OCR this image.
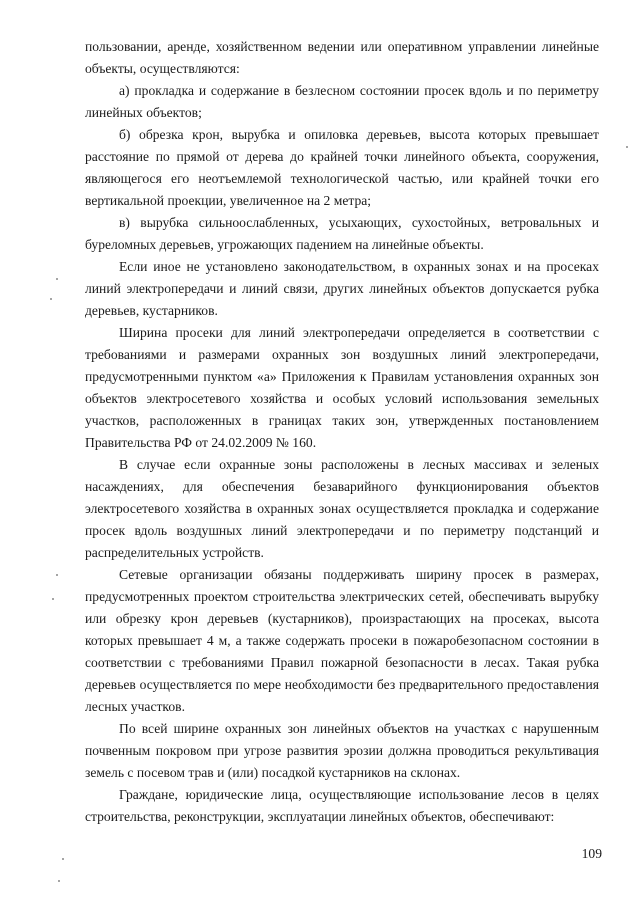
пользовании, аренде, хозяйственном ведении или оперативном управлении линейные объекты, осуществляются:

а) прокладка и содержание в безлесном состоянии просек вдоль и по периметру линейных объектов;

б) обрезка крон, вырубка и опиловка деревьев, высота которых превышает расстояние по прямой от дерева до крайней точки линейного объекта, сооружения, являющегося его неотъемлемой технологической частью, или крайней точки его вертикальной проекции, увеличенное на 2 метра;

в) вырубка сильноослабленных, усыхающих, сухостойных, ветровальных и буреломных деревьев, угрожающих падением на линейные объекты.

Если иное не установлено законодательством, в охранных зонах и на просеках линий электропередачи и линий связи, других линейных объектов допускается рубка деревьев, кустарников.

Ширина просеки для линий электропередачи определяется в соответствии с требованиями и размерами охранных зон воздушных линий электропередачи, предусмотренными пунктом «а» Приложения к Правилам установления охранных зон объектов электросетевого хозяйства и особых условий использования земельных участков, расположенных в границах таких зон, утвержденных постановлением Правительства РФ от 24.02.2009 № 160.

В случае если охранные зоны расположены в лесных массивах и зеленых насаждениях, для обеспечения безаварийного функционирования объектов электросетевого хозяйства в охранных зонах осуществляется прокладка и содержание просек вдоль воздушных линий электропередачи и по периметру подстанций и распределительных устройств.

Сетевые организации обязаны поддерживать ширину просек в размерах, предусмотренных проектом строительства электрических сетей, обеспечивать вырубку или обрезку крон деревьев (кустарников), произрастающих на просеках, высота которых превышает 4 м, а также содержать просеки в пожаробезопасном состоянии в соответствии с требованиями Правил пожарной безопасности в лесах. Такая рубка деревьев осуществляется по мере необходимости без предварительного предоставления лесных участков.

По всей ширине охранных зон линейных объектов на участках с нарушенным почвенным покровом при угрозе развития эрозии должна проводиться рекультивация земель с посевом трав и (или) посадкой кустарников на склонах.

Граждане, юридические лица, осуществляющие использование лесов в целях строительства, реконструкции, эксплуатации линейных объектов, обеспечивают:

109
